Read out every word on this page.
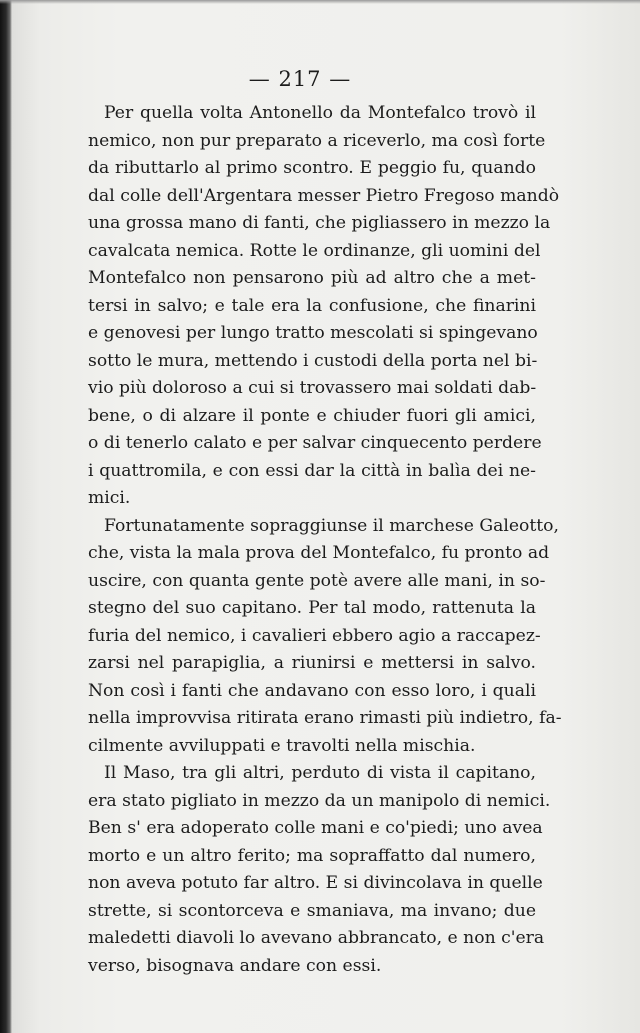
— 217 —
Per quella volta Antonello da Montefalco trovò il
nemico, non pur preparato a riceverlo, ma così forte
da ributtarlo al primo scontro. E peggio fu, quando
dal colle dell'Argentara messer Pietro Fregoso mandò
una grossa mano di fanti, che pigliassero in mezzo la
cavalcata nemica. Rotte le ordinanze, gli uomini del
Montefalco non pensarono più ad altro che a met-
tersi in salvo; e tale era la confusione, che finarini
e genovesi per lungo tratto mescolati si spingevano
sotto le mura, mettendo i custodi della porta nel bi-
vio più doloroso a cui si trovassero mai soldati dab-
bene, o di alzare il ponte e chiuder fuori gli amici,
o di tenerlo calato e per salvar cinquecento perdere
i quattromila, e con essi dar la città in balìa dei ne-
mici.
Fortunatamente sopraggiunse il marchese Galeotto,
che, vista la mala prova del Montefalco, fu pronto ad
uscire, con quanta gente potè avere alle mani, in so-
stegno del suo capitano. Per tal modo, rattenuta la
furia del nemico, i cavalieri ebbero agio a raccapez-
zarsi nel parapiglia, a riunirsi e mettersi in salvo.
Non così i fanti che andavano con esso loro, i quali
nella improvvisa ritirata erano rimasti più indietro, fa-
cilmente avviluppati e travolti nella mischia.
Il Maso, tra gli altri, perduto di vista il capitano,
era stato pigliato in mezzo da un manipolo di nemici.
Ben s' era adoperato colle mani e co'piedi; uno avea
morto e un altro ferito; ma sopraffatto dal numero,
non aveva potuto far altro. E si divincolava in quelle
strette, si scontorceva e smaniava, ma invano; due
maledetti diavoli lo avevano abbrancato, e non c'era
verso, bisognava andare con essi.
